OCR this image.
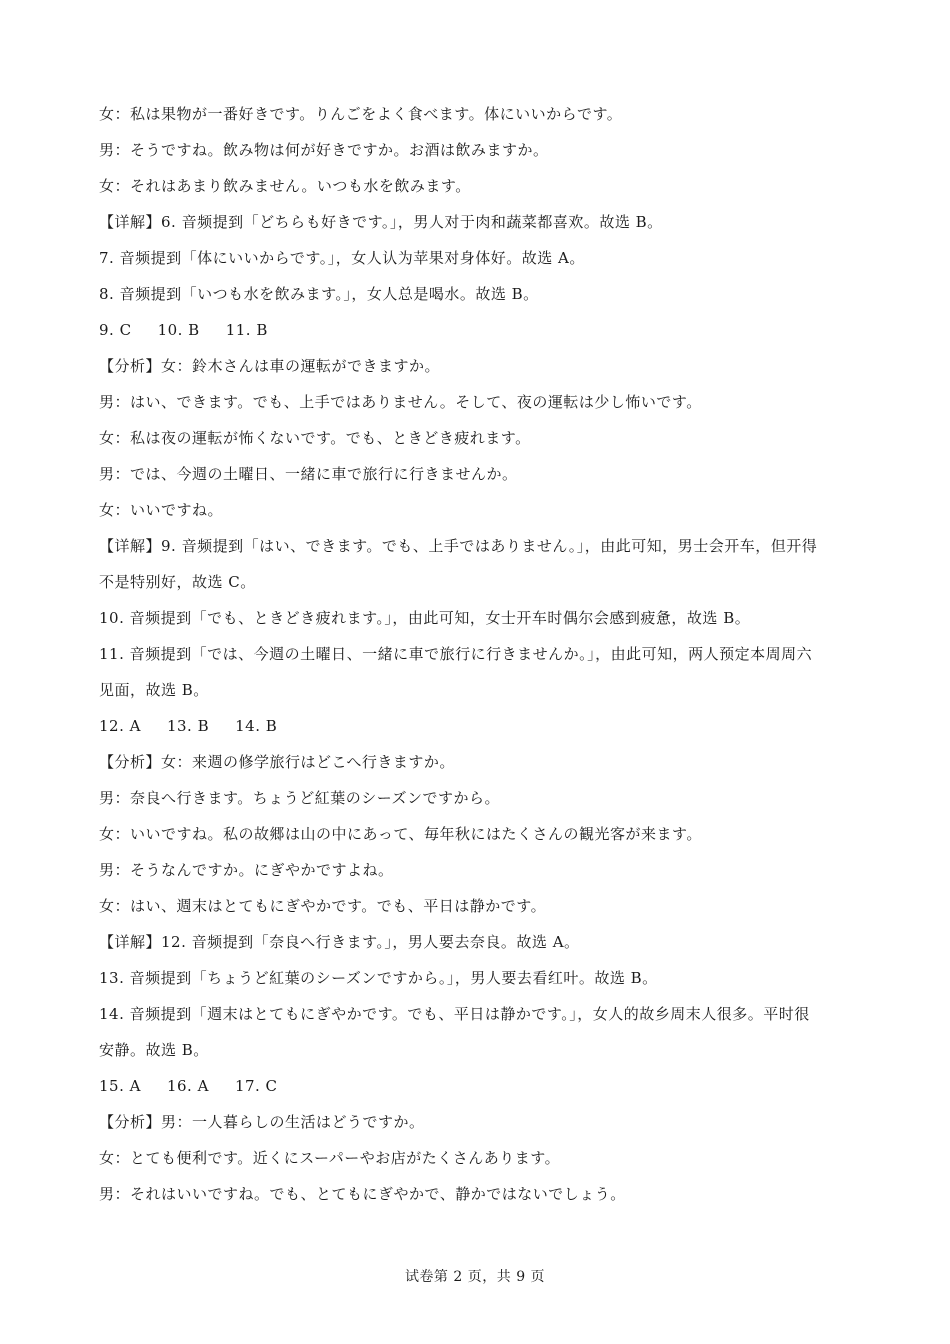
女：私は果物が一番好きです。りんごをよく食べます。体にいいからです。
男：そうですね。飲み物は何が好きですか。お酒は飲みますか。
女：それはあまり飲みません。いつも水を飲みます。
【详解】6. 音频提到「どちらも好きです。」，男人对于肉和蔬菜都喜欢。故选 B。
7. 音频提到「体にいいからです。」，女人认为苹果对身体好。故选 A。
8. 音频提到「いつも水を飲みます。」，女人总是喝水。故选 B。
9. C 10. B 11. B
【分析】女：鈴木さんは車の運転ができますか。
男：はい、できます。でも、上手ではありません。そして、夜の運転は少し怖いです。
女：私は夜の運転が怖くないです。でも、ときどき疲れます。
男：では、今週の土曜日、一緒に車で旅行に行きませんか。
女：いいですね。
【详解】9. 音频提到「はい、できます。でも、上手ではありません。」，由此可知，男士会开车，但开得
不是特别好，故选 C。
10. 音频提到「でも、ときどき疲れます。」，由此可知，女士开车时偶尔会感到疲惫，故选 B。
11. 音频提到「では、今週の土曜日、一緒に車で旅行に行きませんか。」，由此可知，两人预定本周周六
见面，故选 B。
12. A 13. B 14. B
【分析】女：来週の修学旅行はどこへ行きますか。
男：奈良へ行きます。ちょうど紅葉のシーズンですから。
女：いいですね。私の故郷は山の中にあって、毎年秋にはたくさんの観光客が来ます。
男：そうなんですか。にぎやかですよね。
女：はい、週末はとてもにぎやかです。でも、平日は静かです。
【详解】12. 音频提到「奈良へ行きます。」，男人要去奈良。故选 A。
13. 音频提到「ちょうど紅葉のシーズンですから。」，男人要去看红叶。故选 B。
14. 音频提到「週末はとてもにぎやかです。でも、平日は静かです。」，女人的故乡周末人很多。平时很
安静。故选 B。
15. A 16. A 17. C
【分析】男：一人暮らしの生活はどうですか。
女：とても便利です。近くにスーパーやお店がたくさんあります。
男：それはいいですね。でも、とてもにぎやかで、静かではないでしょう。
试卷第 2 页，共 9 页
